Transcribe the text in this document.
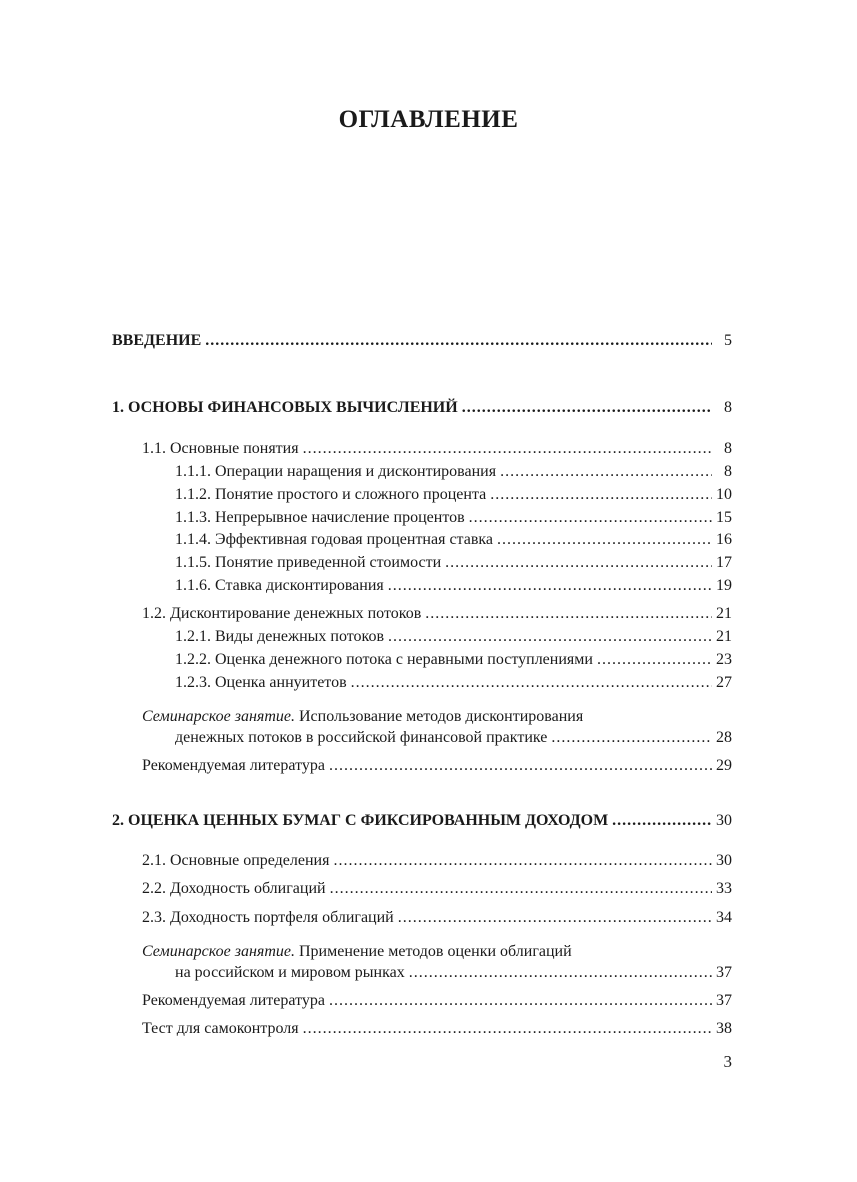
ОГЛАВЛЕНИЕ
ВВЕДЕНИЕ .....	5
1. ОСНОВЫ ФИНАНСОВЫХ ВЫЧИСЛЕНИЙ .....	8
1.1. Основные понятия .....	8
1.1.1. Операции наращения и дисконтирования .....	8
1.1.2. Понятие простого и сложного процента .....	10
1.1.3. Непрерывное начисление процентов .....	15
1.1.4. Эффективная годовая процентная ставка .....	16
1.1.5. Понятие приведенной стоимости .....	17
1.1.6. Ставка дисконтирования .....	19
1.2. Дисконтирование денежных потоков .....	21
1.2.1. Виды денежных потоков .....	21
1.2.2. Оценка денежного потока с неравными поступлениями .....	23
1.2.3. Оценка аннуитетов .....	27
Семинарское занятие. Использование методов дисконтирования
денежных потоков в российской финансовой практике .....	28
Рекомендуемая литература .....	29
2. ОЦЕНКА ЦЕННЫХ БУМАГ С ФИКСИРОВАННЫМ ДОХОДОМ .....	30
2.1. Основные определения .....	30
2.2. Доходность облигаций .....	33
2.3. Доходность портфеля облигаций .....	34
Семинарское занятие. Применение методов оценки облигаций
на российском и мировом рынках .....	37
Рекомендуемая литература .....	37
Тест для самоконтроля .....	38
3
